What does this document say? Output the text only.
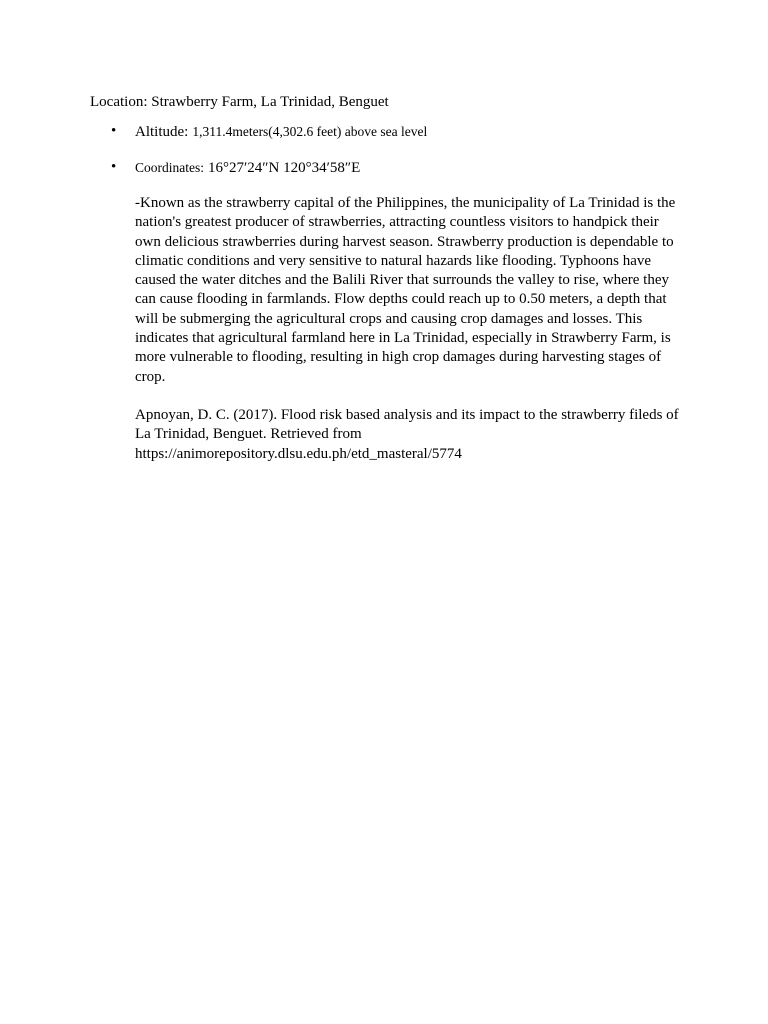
Location: Strawberry Farm, La Trinidad, Benguet
• Altitude: 1,311.4meters(4,302.6 feet) above sea level
• Coordinates: 16°27′24″N 120°34′58″E

-Known as the strawberry capital of the Philippines, the municipality of La Trinidad is the nation's greatest producer of strawberries, attracting countless visitors to handpick their own delicious strawberries during harvest season. Strawberry production is dependable to climatic conditions and very sensitive to natural hazards like flooding. Typhoons have caused the water ditches and the Balili River that surrounds the valley to rise, where they can cause flooding in farmlands. Flow depths could reach up to 0.50 meters, a depth that will be submerging the agricultural crops and causing crop damages and losses. This indicates that agricultural farmland here in La Trinidad, especially in Strawberry Farm, is more vulnerable to flooding, resulting in high crop damages during harvesting stages of crop.

Apnoyan, D. C. (2017). Flood risk based analysis and its impact to the strawberry fileds of La Trinidad, Benguet. Retrieved from
https://animorepository.dlsu.edu.ph/etd_masteral/5774
